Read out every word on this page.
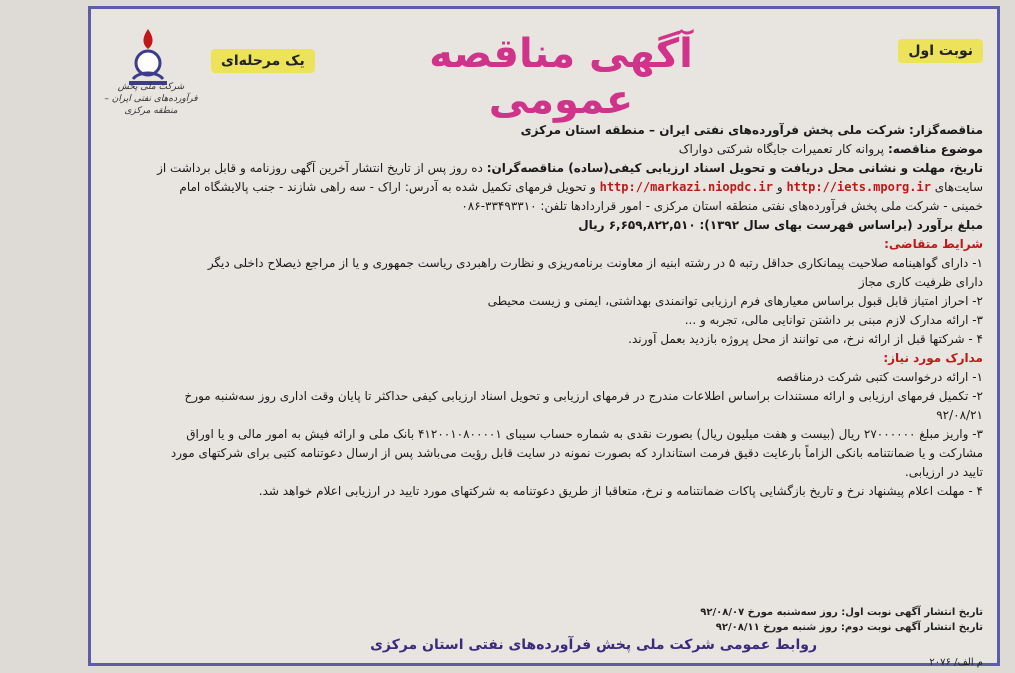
نوبت اول
آگهی مناقصه عمومی
یک مرحله‌ای
شرکت ملی پخش فرآورده‌های نفتی ایران – منطقه مرکزی

مناقصه‌گزار: شرکت ملی پخش فرآورده‌های نفتی ایران – منطقه استان مرکزی

موضوع مناقصه: پروانه کار تعمیرات جایگاه شرکتی دواراک

تاریخ، مهلت و نشانی محل دریافت و تحویل اسناد ارزیابی کیفی(ساده) مناقصه‌گران: ده روز پس از تاریخ انتشار آخرین آگهی روزنامه و قابل برداشت از

سایت‌های http://iets.mporg.ir و http://markazi.niopdc.ir و تحویل فرمهای تکمیل شده به آدرس: اراک - سه راهی شازند - جنب پالایشگاه امام

خمینی - شرکت ملی پخش فرآورده‌های نفتی منطقه استان مرکزی - امور قراردادها تلفن: ۳۳۴۹۳۳۱۰-۰۸۶

مبلغ برآورد (براساس فهرست بهای سال ۱۳۹۲): ۶,۶۵۹,۸۲۲,۵۱۰ ریال

شرایط متقاضی:

۱- دارای گواهینامه صلاحیت پیمانکاری حداقل رتبه ۵ در رشته ابنیه از معاونت برنامه‌ریزی و نظارت راهبردی ریاست جمهوری و یا از مراجع ذیصلاح داخلی دیگر

دارای ظرفیت کاری مجاز

۲- احراز امتیاز قابل قبول براساس معیارهای فرم ارزیابی توانمندی بهداشتی، ایمنی و زیست محیطی

۳- ارائه مدارک لازم مبنی بر داشتن توانایی مالی، تجربه و ...

۴ - شرکتها قبل از ارائه نرخ، می توانند از محل پروژه بازدید بعمل آورند.

مدارک مورد نیاز:

۱- ارائه درخواست کتبی شرکت درمناقصه

۲- تکمیل فرمهای ارزیابی و ارائه مستندات براساس اطلاعات مندرج در فرمهای ارزیابی و تحویل اسناد ارزیابی کیفی حداکثر تا پایان وقت اداری روز سه‌شنبه مورخ

۹۲/۰۸/۲۱

۳- واریز مبلغ ۲۷۰۰۰۰۰۰ ریال (بیست و هفت میلیون ریال) بصورت نقدی به شماره حساب سیبای ۴۱۲۰۰۱۰۸۰۰۰۰۱ بانک ملی و ارائه فیش به امور مالی و یا اوراق

مشارکت و یا ضمانتنامه بانکی الزاماً بارعایت دقیق فرمت استاندارد که بصورت نمونه در سایت قابل رؤیت می‌باشد پس از ارسال دعوتنامه کتبی برای شرکتهای مورد

تایید در ارزیابی.

۴ - مهلت اعلام پیشنهاد نرخ و تاریخ بازگشایی پاکات ضمانتنامه و نرخ، متعاقبا از طریق دعوتنامه به شرکتهای مورد تایید در ارزیابی اعلام خواهد شد.

تاریخ انتشار آگهی نوبت اول: روز سه‌شنبه مورخ ۹۲/۰۸/۰۷
تاریخ انتشار آگهی نوبت دوم: روز شنبه مورخ ۹۲/۰۸/۱۱
روابط عمومی شرکت ملی پخش فرآورده‌های نفتی استان مرکزی
م الف/ ۲۰۷۶
